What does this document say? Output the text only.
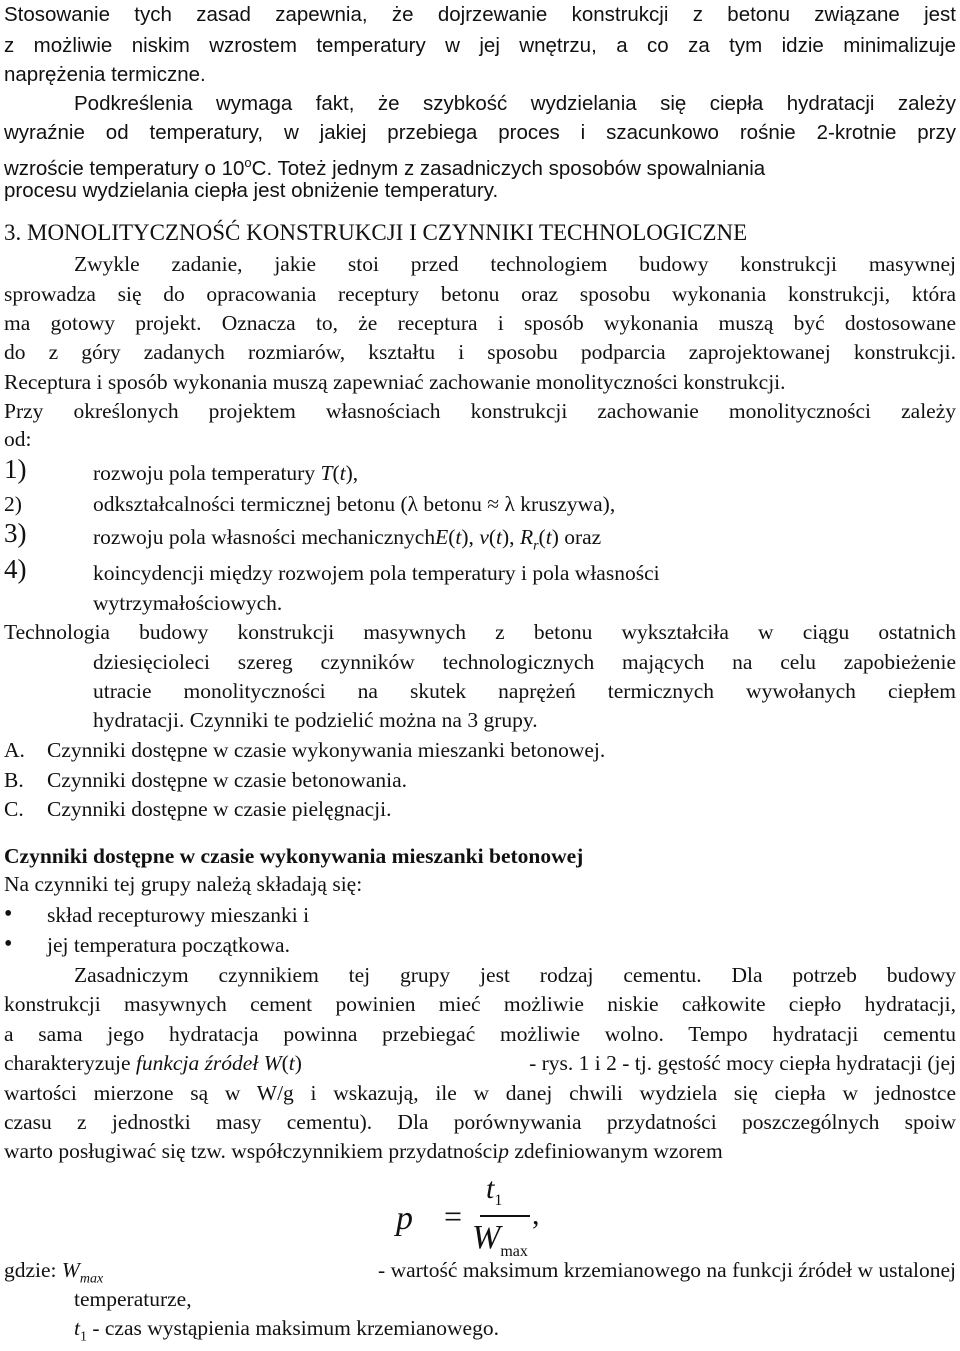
Stosowanie tych zasad zapewnia, że dojrzewanie konstrukcji z betonu związane jest
z możliwie niskim wzrostem temperatury w jej wnętrzu, a co za tym idzie minimalizuje
naprężenia termiczne.
Podkreślenia wymaga fakt, że szybkość wydzielania się ciepła hydratacji zależy
wyraźnie od temperatury, w jakiej przebiega proces i szacunkowo rośnie 2-krotnie przy
wzroście temperatury o 10$^o$C. Toteż jednym z zasadniczych sposobów spowalniania
procesu wydzielania ciepła jest obniżenie temperatury.
3. MONOLITYCZNOŚĆ KONSTRUKCJI I CZYNNIKI TECHNOLOGICZNE
Zwykle zadanie, jakie stoi przed technologiem budowy konstrukcji masywnej
sprowadza się do opracowania receptury betonu oraz sposobu wykonania konstrukcji, która
ma gotowy projekt. Oznacza to, że receptura i sposób wykonania muszą być dostosowane
do z góry zadanych rozmiarów, kształtu i sposobu podparcia zaprojektowanej konstrukcji.
Receptura i sposób wykonania muszą zapewniać zachowanie monolityczności konstrukcji.
Przy określonych projektem własnościach konstrukcji zachowanie monolityczności zależy
od:
1)	rozwoju pola temperatury T(t),
2)	odkształcalności termicznej betonu (λ betonu ≈ λ kruszywa),
3)	rozwoju pola własności mechanicznychE(t), ν(t), $R_r(t)$ oraz
4)	koincydencji między rozwojem pola temperatury i pola własności
wytrzymałościowych.
Technologia budowy konstrukcji masywnych z betonu wykształciła w ciągu ostatnich
dziesięcioleci szereg czynników technologicznych mających na celu zapobieżenie
utracie monolityczności na skutek naprężeń termicznych wywołanych ciepłem
hydratacji. Czynniki te podzielić można na 3 grupy.
A. Czynniki dostępne w czasie wykonywania mieszanki betonowej.
B. Czynniki dostępne w czasie betonowania.
C. Czynniki dostępne w czasie pielęgnacji.
Czynniki dostępne w czasie wykonywania mieszanki betonowej
Na czynniki tej grupy należą składają się:
• skład recepturowy mieszanki i
• jej temperatura początkowa.
Zasadniczym czynnikiem tej grupy jest rodzaj cementu. Dla potrzeb budowy
konstrukcji masywnych cement powinien mieć możliwie niskie całkowite ciepło hydratacji,
a sama jego hydratacja powinna przebiegać możliwie wolno. Tempo hydratacji cementu
charakteryzuje funkcja źródeł W(t)	- rys. 1 i 2 - tj. gęstość mocy ciepła hydratacji (jej
wartości mierzone są w W/g i wskazują, ile w danej chwili wydziela się ciepła w jednostce
czasu z jednostki masy cementu). Dla porównywania przydatności poszczególnych spoiw
warto posługiwać się tzw. współczynnikiem przydatnościp zdefiniowanym wzorem
p =
$t_1$
$W_{max}$
,
gdzie: $W_{max}$	- wartość maksimum krzemianowego na funkcji źródeł w ustalonej
temperaturze,
$t_1$ - czas wystąpienia maksimum krzemianowego.
